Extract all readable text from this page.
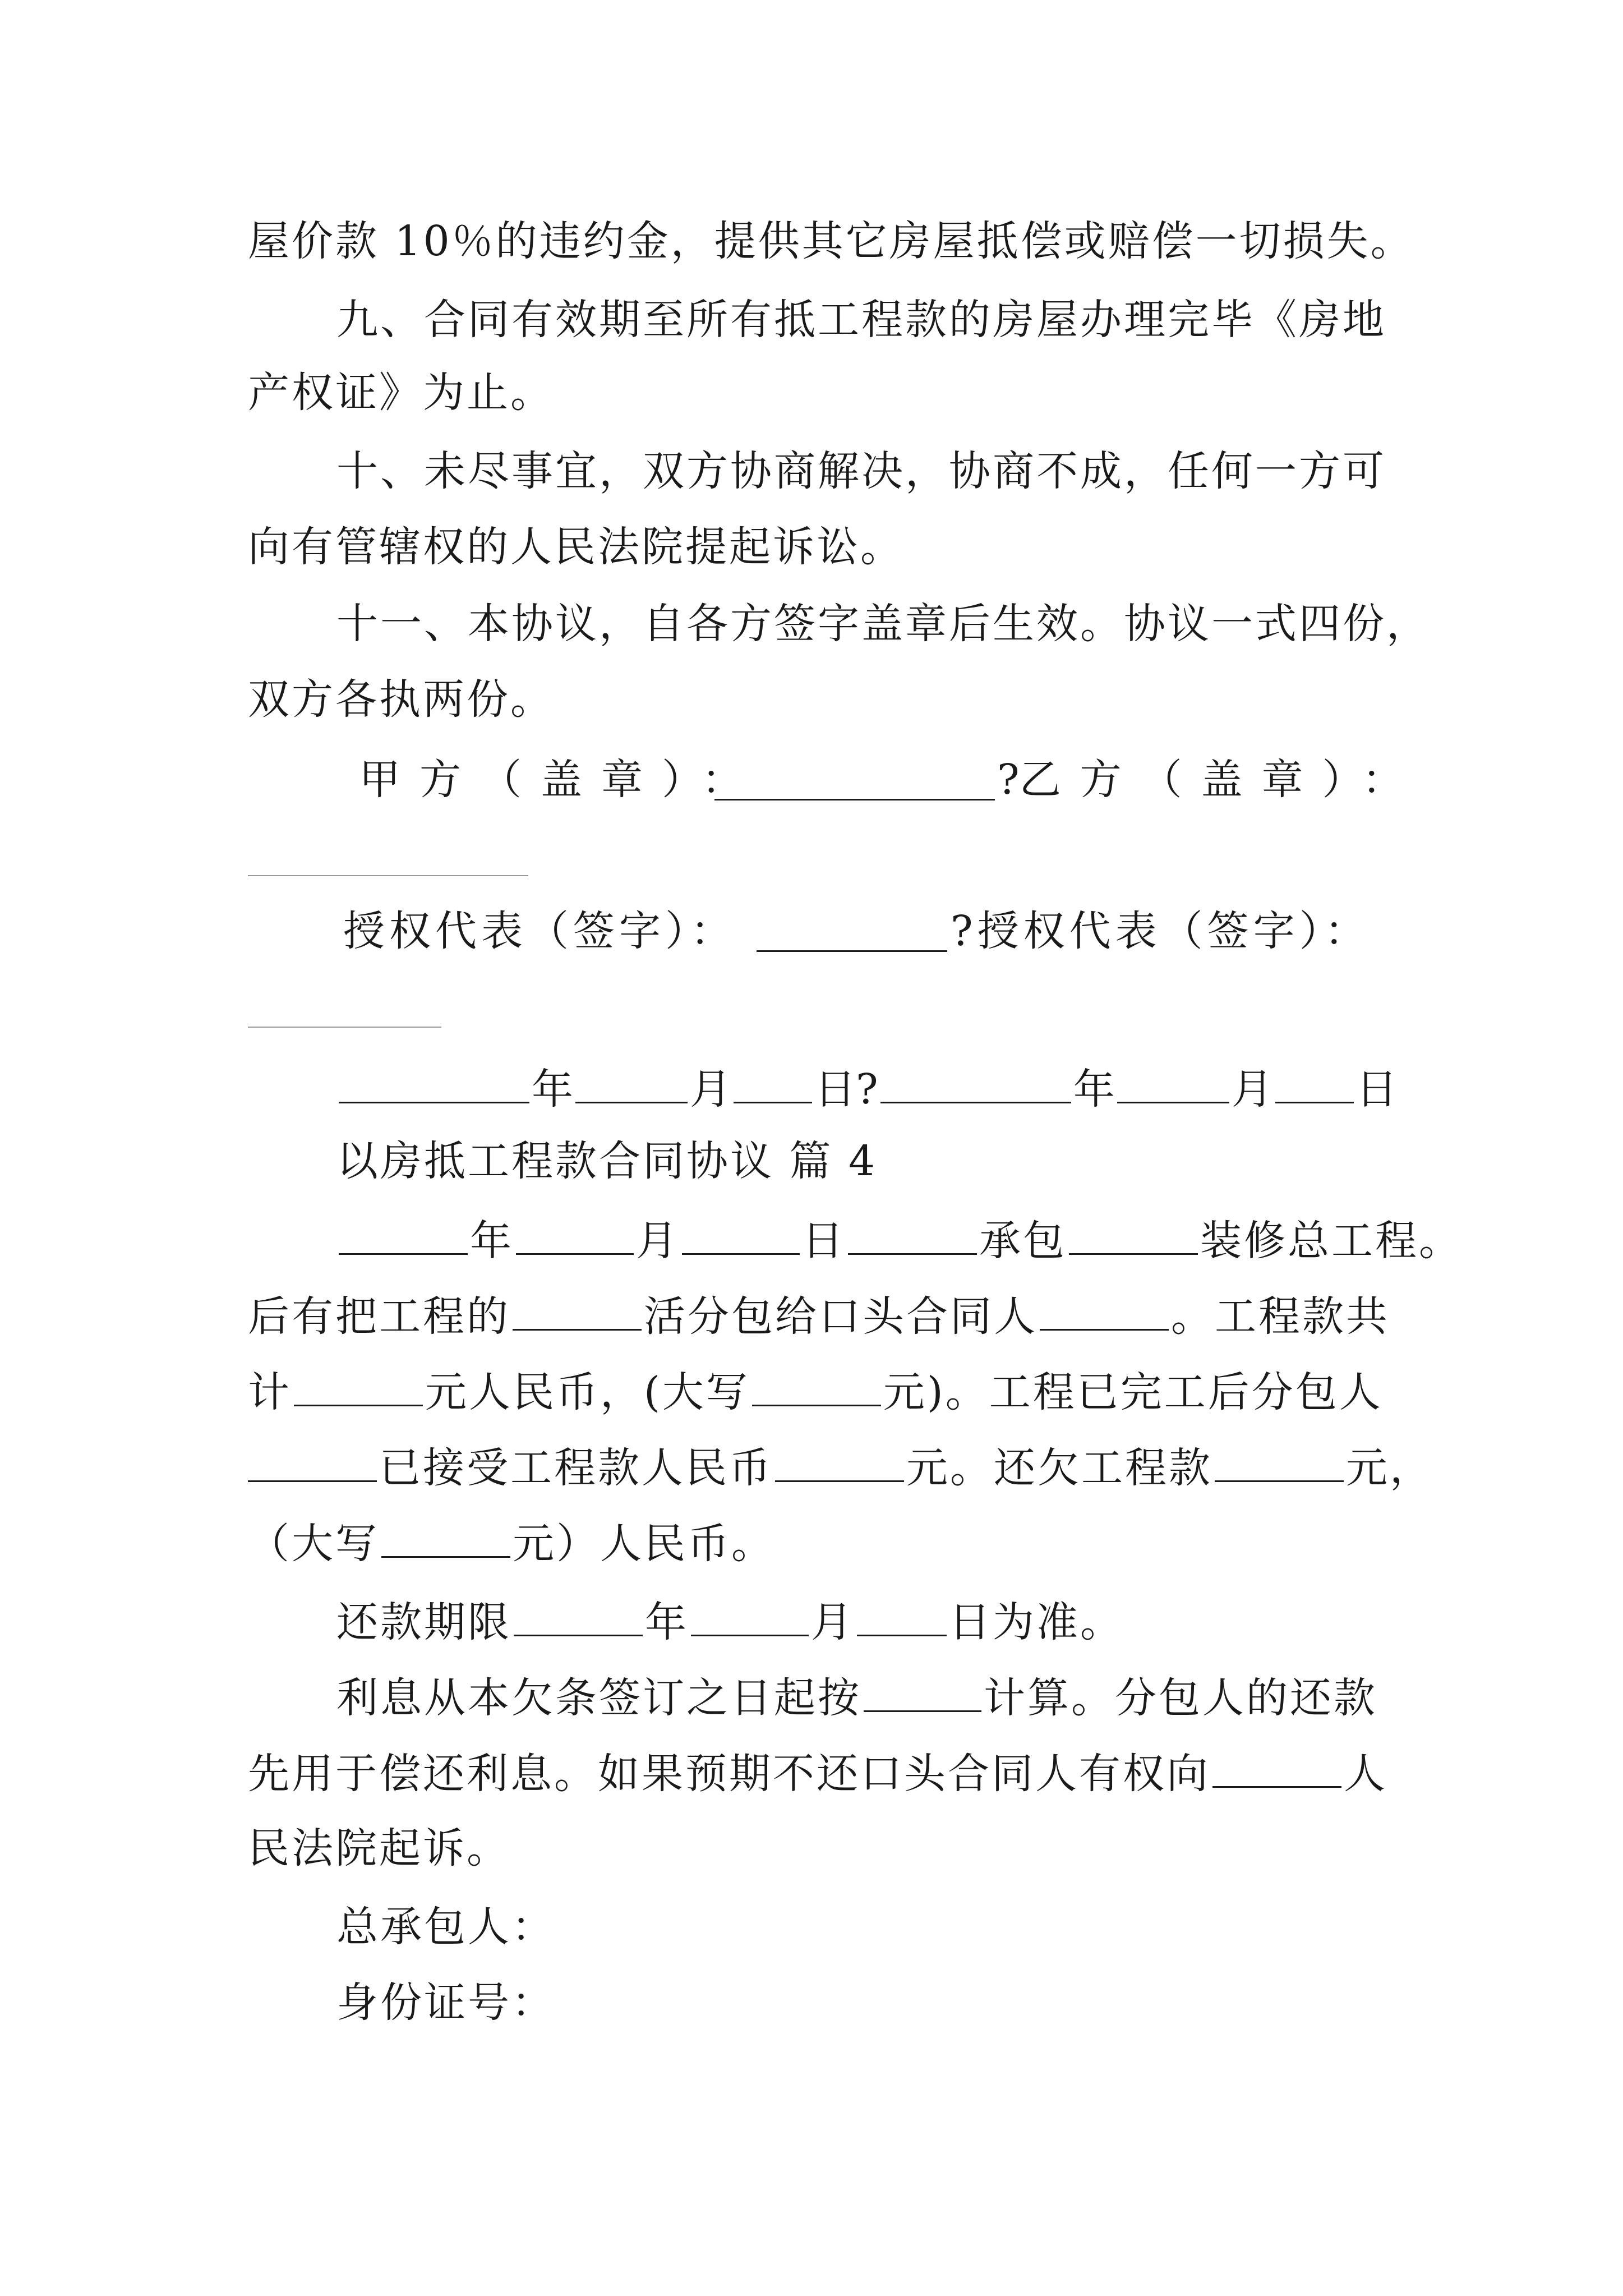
屋价款 10％的违约金，提供其它房屋抵偿或赔偿一切损失。
九、合同有效期至所有抵工程款的房屋办理完毕《房地
产权证》为止。
十、未尽事宜，双方协商解决，协商不成，任何一方可
向有管辖权的人民法院提起诉讼。
十一、本协议，自各方签字盖章后生效。协议一式四份，
双方各执两份。
甲方（盖章）：	?乙方（盖章）：
授权代表（签字）：	?授权代表（签字）：
年	月 日?	年	月 日
以房抵工程款合同协议 篇 4
年	月	日	承包	装修总工程。
后有把工程的	活分包给口头合同人	。工程款共
计	元人民币，(大写	元)。工程已完工后分包人
已接受工程款人民币	元。还欠工程款	元，
（大写	元）人民币。
还款期限	年	月 日为准。
利息从本欠条签订之日起按	计算。分包人的还款
先用于偿还利息。如果预期不还口头合同人有权向	人
民法院起诉。
总承包人：
身份证号：
